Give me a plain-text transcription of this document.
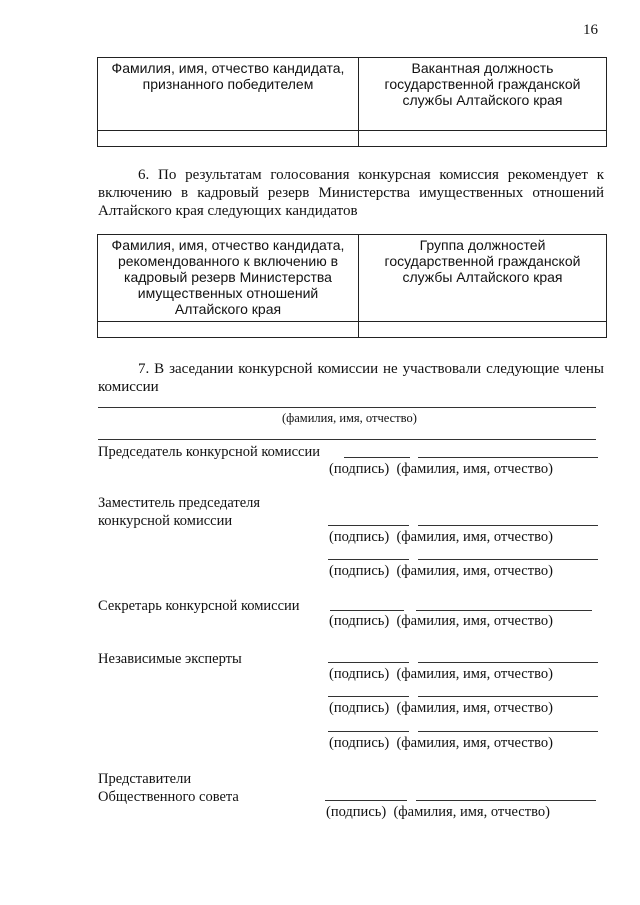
16
Фамилия, имя, отчество кандидата, признанного победителем	Вакантная должность государственной гражданской службы Алтайского края

6. По результатам голосования конкурсная комиссия рекомендует к включению в кадровый резерв Министерства имущественных отношений Алтайского края следующих кандидатов
Фамилия, имя, отчество кандидата, рекомендованного к включению в кадровый резерв Министерства имущественных отношений Алтайского края	Группа должностей государственной гражданской службы Алтайского края

7. В заседании конкурсной комиссии не участвовали следующие члены комиссии
(фамилия, имя, отчество)
Председатель конкурсной комиссии
(подпись) (фамилия, имя, отчество)
Заместитель председателя
конкурсной комиссии
(подпись) (фамилия, имя, отчество)
(подпись) (фамилия, имя, отчество)
Секретарь конкурсной комиссии
(подпись) (фамилия, имя, отчество)
Независимые эксперты
(подпись) (фамилия, имя, отчество)
(подпись) (фамилия, имя, отчество)
(подпись) (фамилия, имя, отчество)
Представители
Общественного совета
(подпись) (фамилия, имя, отчество)
